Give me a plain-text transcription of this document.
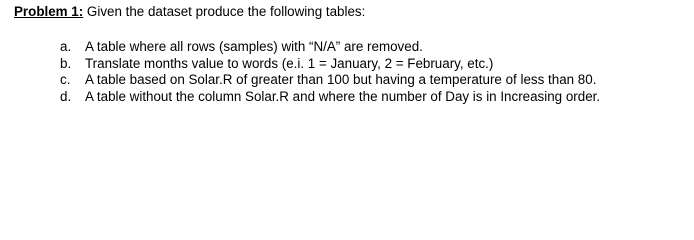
Problem 1: Given the dataset produce the following tables:
a. A table where all rows (samples) with “N/A” are removed.
b. Translate months value to words (e.i. 1 = January, 2 = February, etc.)
c. A table based on Solar.R of greater than 100 but having a temperature of less than 80.
d. A table without the column Solar.R and where the number of Day is in Increasing order.
